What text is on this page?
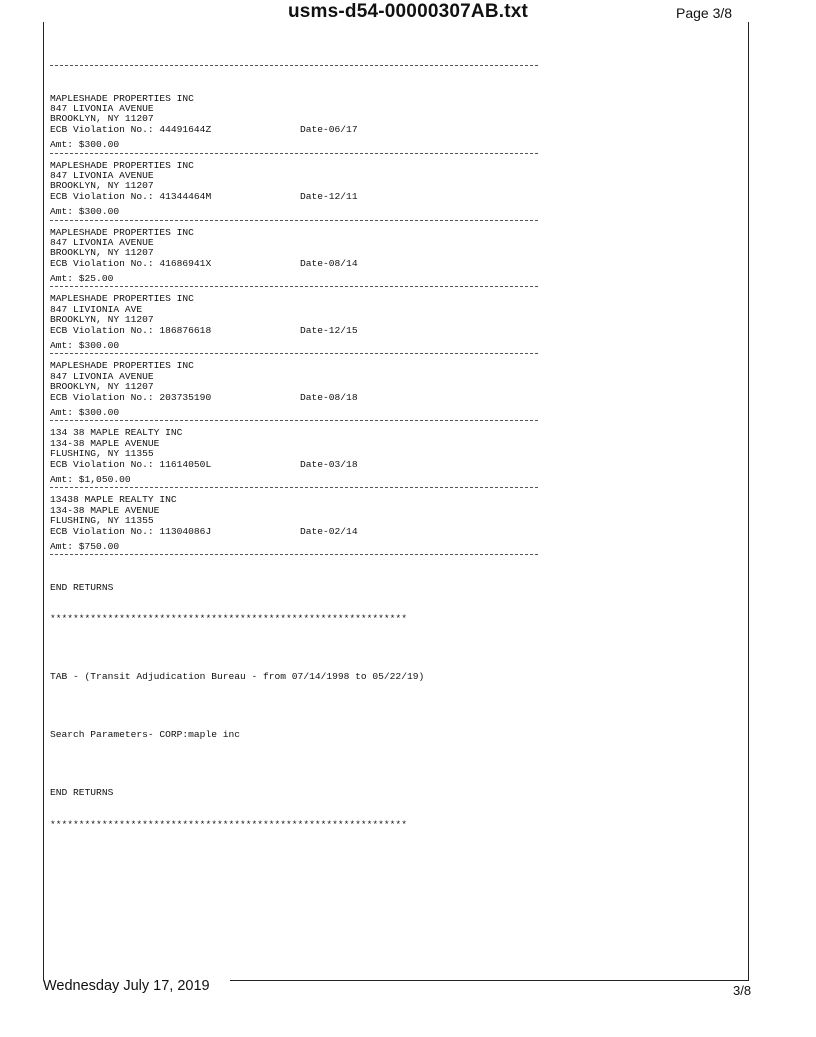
usms-d54-00000307AB.txt	Page 3/8

MAPLESHADE PROPERTIES INC
847 LIVONIA AVENUE
BROOKLYN, NY 11207
ECB Violation No.: 44491644Z	Date-06/17
Amt: $300.00
MAPLESHADE PROPERTIES INC
847 LIVONIA AVENUE
BROOKLYN, NY 11207
ECB Violation No.: 41344464M	Date-12/11
Amt: $300.00
MAPLESHADE PROPERTIES INC
847 LIVONIA AVENUE
BROOKLYN, NY 11207
ECB Violation No.: 41686941X	Date-08/14
Amt: $25.00
MAPLESHADE PROPERTIES INC
847 LIVIONIA AVE
BROOKLYN, NY 11207
ECB Violation No.: 186876618	Date-12/15
Amt: $300.00
MAPLESHADE PROPERTIES INC
847 LIVONIA AVENUE
BROOKLYN, NY 11207
ECB Violation No.: 203735190	Date-08/18
Amt: $300.00
134 38 MAPLE REALTY INC
134-38 MAPLE AVENUE
FLUSHING, NY 11355
ECB Violation No.: 11614050L	Date-03/18
Amt: $1,050.00
13438 MAPLE REALTY INC
134-38 MAPLE AVENUE
FLUSHING, NY 11355
ECB Violation No.: 11304086J	Date-02/14
Amt: $750.00

END RETURNS

**************************************************************

TAB - (Transit Adjudication Bureau - from 07/14/1998 to 05/22/19)

Search Parameters- CORP:maple inc

END RETURNS

**************************************************************

Wednesday July 17, 2019	3/8
